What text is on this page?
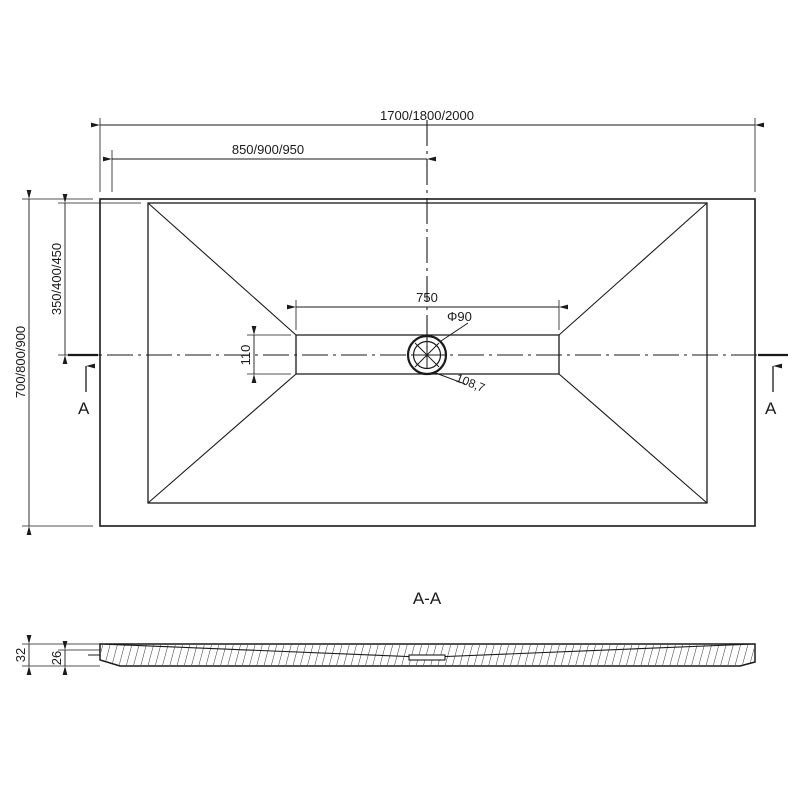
Φ90
108,7
1700/1800/2000
850/900/950
700/800/900
350/400/450	750
110
A	A
A-A
32 26
